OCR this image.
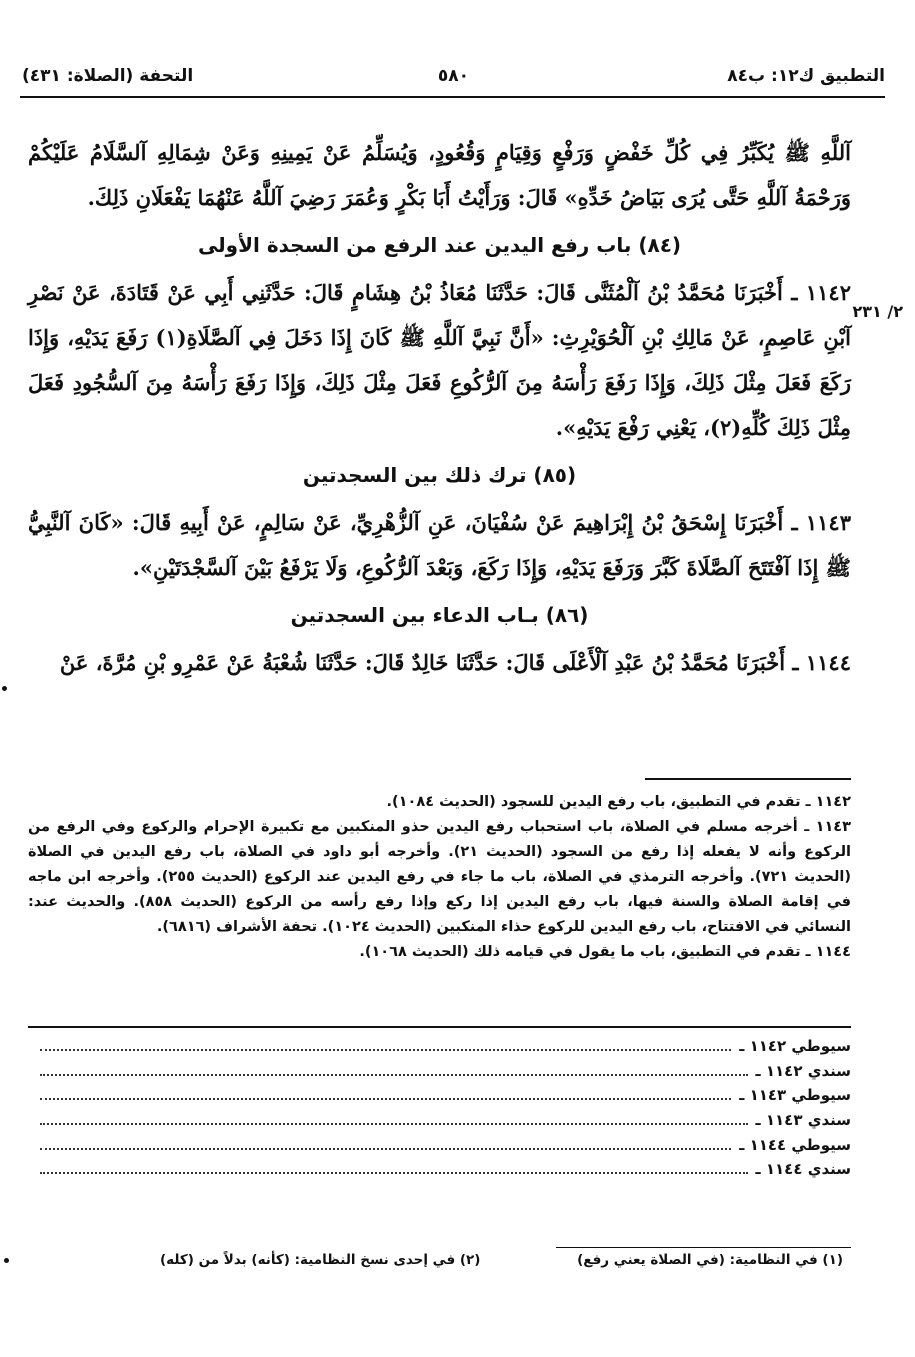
التطبيق ك١٢: ب٨٤
٥٨٠
التحفة (الصلاة: ٤٣١)
٢/ ٢٣١

آللَّهِ ﷺ يُكَبِّرُ فِي كُلِّ خَفْضٍ وَرَفْعٍ وَقِيَامٍ وَقُعُودٍ، وَيُسَلِّمُ عَنْ يَمِينِهِ وَعَنْ شِمَالِهِ آلسَّلَامُ عَلَيْكُمْ وَرَحْمَةُ آللَّهِ حَتَّى يُرَى بَيَاضُ خَدِّهِ» قَالَ: وَرَأَيْتُ أَبَا بَكْرٍ وَعُمَرَ رَضِيَ آللَّهُ عَنْهُمَا يَفْعَلَانِ ذَلِكَ.

(٨٤) باب رفع اليدين عند الرفع من السجدة الأولى

١١٤٢ ـ أَخْبَرَنَا مُحَمَّدُ بْنُ آلْمُثَنَّى قَالَ: حَدَّثَنَا مُعَاذُ بْنُ هِشَامٍ قَالَ: حَدَّثَنِي أَبِي عَنْ قَتَادَةَ، عَنْ نَصْرِ آبْنِ عَاصِمٍ، عَنْ مَالِكِ بْنِ آلْحُوَيْرِثِ: «أَنَّ نَبِيَّ آللَّهِ ﷺ كَانَ إِذَا دَخَلَ فِي آلصَّلَاةِ(١) رَفَعَ يَدَيْهِ، وَإِذَا رَكَعَ فَعَلَ مِثْلَ ذَلِكَ، وَإِذَا رَفَعَ رَأْسَهُ مِنَ آلرُّكُوعِ فَعَلَ مِثْلَ ذَلِكَ، وَإِذَا رَفَعَ رَأْسَهُ مِنَ آلسُّجُودِ فَعَلَ مِثْلَ ذَلِكَ كُلِّهِ(٢)، يَعْنِي رَفْعَ يَدَيْهِ».

(٨٥) ترك ذلك بين السجدتين

١١٤٣ ـ أَخْبَرَنَا إِسْحَقُ بْنُ إِبْرَاهِيمَ عَنْ سُفْيَانَ، عَنِ آلزُّهْرِيِّ، عَنْ سَالِمٍ، عَنْ أَبِيهِ قَالَ: «كَانَ آلنَّبِيُّ ﷺ إِذَا آفْتَتَحَ آلصَّلَاةَ كَبَّرَ وَرَفَعَ يَدَيْهِ، وَإِذَا رَكَعَ، وَبَعْدَ آلرُّكُوعِ، وَلَا يَرْفَعُ بَيْنَ آلسَّجْدَتَيْنِ».

(٨٦) بـاب الدعاء بين السجدتين

١١٤٤ ـ أَخْبَرَنَا مُحَمَّدُ بْنُ عَبْدِ آلْأَعْلَى قَالَ: حَدَّثَنَا خَالِدٌ قَالَ: حَدَّثَنَا شُعْبَةُ عَنْ عَمْرِو بْنِ مُرَّةَ، عَنْ

١١٤٢ ـ تقدم في التطبيق، باب رفع اليدين للسجود (الحديث ١٠٨٤).

١١٤٣ ـ أخرجه مسلم في الصلاة، باب استحباب رفع اليدين حذو المنكبين مع تكبيرة الإحرام والركوع وفي الرفع من الركوع وأنه لا يفعله إذا رفع من السجود (الحديث ٢١). وأخرجه أبو داود في الصلاة، باب رفع اليدين في الصلاة (الحديث ٧٢١). وأخرجه الترمذي في الصلاة، باب ما جاء في رفع اليدين عند الركوع (الحديث ٢٥٥). وأخرجه ابن ماجه في إقامة الصلاة والسنة فيها، باب رفع اليدين إذا ركع وإذا رفع رأسه من الركوع (الحديث ٨٥٨). والحديث عند: النسائي في الافتتاح، باب رفع اليدين للركوع حذاء المنكبين (الحديث ١٠٢٤). تحفة الأشراف (٦٨١٦).

١١٤٤ ـ تقدم في التطبيق، باب ما يقول في قيامه ذلك (الحديث ١٠٦٨).

سيوطي ١١٤٢ ـ
سندي ١١٤٢ ـ
سيوطي ١١٤٣ ـ
سندي ١١٤٣ ـ
سيوطي ١١٤٤ ـ
سندي ١١٤٤ ـ
(١) في النظامية: (في الصلاة يعني رفع)
(٢) في إحدى نسخ النظامية: (كأنه) بدلاً من (كله)
